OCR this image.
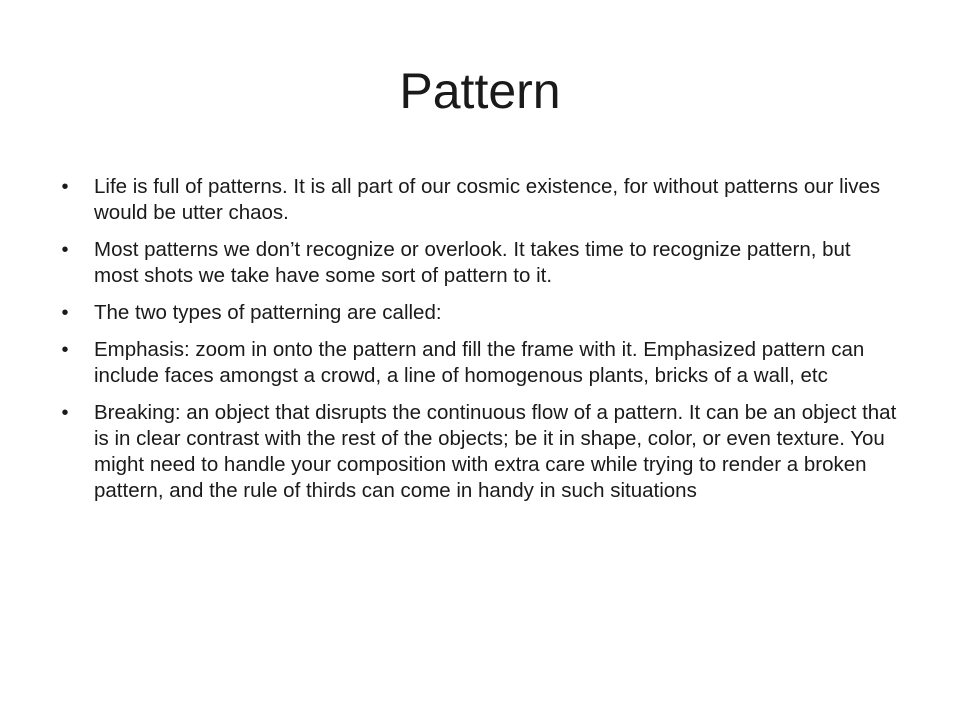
Pattern
• Life is full of patterns. It is all part of our cosmic existence, for without patterns our lives would be utter chaos.
• Most patterns we don’t recognize or overlook. It takes time to recognize pattern, but most shots we take have some sort of pattern to it.
• The two types of patterning are called:
• Emphasis: zoom in onto the pattern and fill the frame with it. Emphasized pattern can include faces amongst a crowd, a line of homogenous plants, bricks of a wall, etc
• Breaking: an object that disrupts the continuous flow of a pattern. It can be an object that is in clear contrast with the rest of the objects; be it in shape, color, or even texture. You might need to handle your composition with extra care while trying to render a broken pattern, and the rule of thirds can come in handy in such situations
